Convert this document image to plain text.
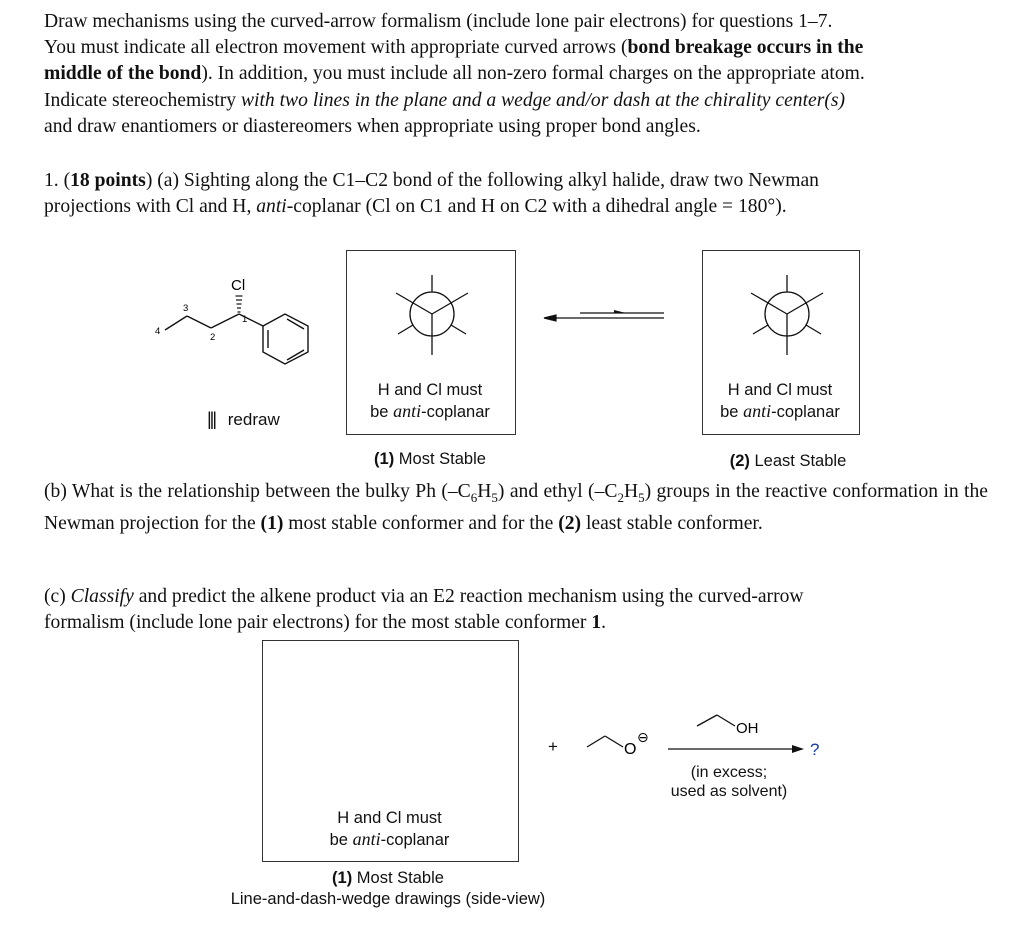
Draw mechanisms using the curved-arrow formalism (include lone pair electrons) for questions 1–7.
You must indicate all electron movement with appropriate curved arrows (bond breakage occurs in the
middle of the bond). In addition, you must include all non-zero formal charges on the appropriate atom.
Indicate stereochemistry with two lines in the plane and a wedge and/or dash at the chirality center(s)
and draw enantiomers or diastereomers when appropriate using proper bond angles.
1. (18 points) (a) Sighting along the C1–C2 bond of the following alkyl halide, draw two Newman
projections with Cl and H, anti-coplanar (Cl on C1 and H on C2 with a dihedral angle = 180°).
Cl
1
2
3
4
||| redraw
H and Cl must
be anti-coplanar
H and Cl must
be anti-coplanar
(1) Most Stable	(2) Least Stable
(b) What is the relationship between the bulky Ph $(-C_6H_5)$ and ethyl $(-C_2H_5)$ groups in the reactive conformation in the Newman projection for the (1) most stable conformer and for the (2) least stable conformer.
(c) Classify and predict the alkene product via an E2 reaction mechanism using the curved-arrow
formalism (include lone pair electrons) for the most stable conformer 1.
H and Cl must
be anti-coplanar
(1) Most Stable
Line-and-dash-wedge drawings (side-view)
+	O
⊖	OH
?
(in excess;
used as solvent)
